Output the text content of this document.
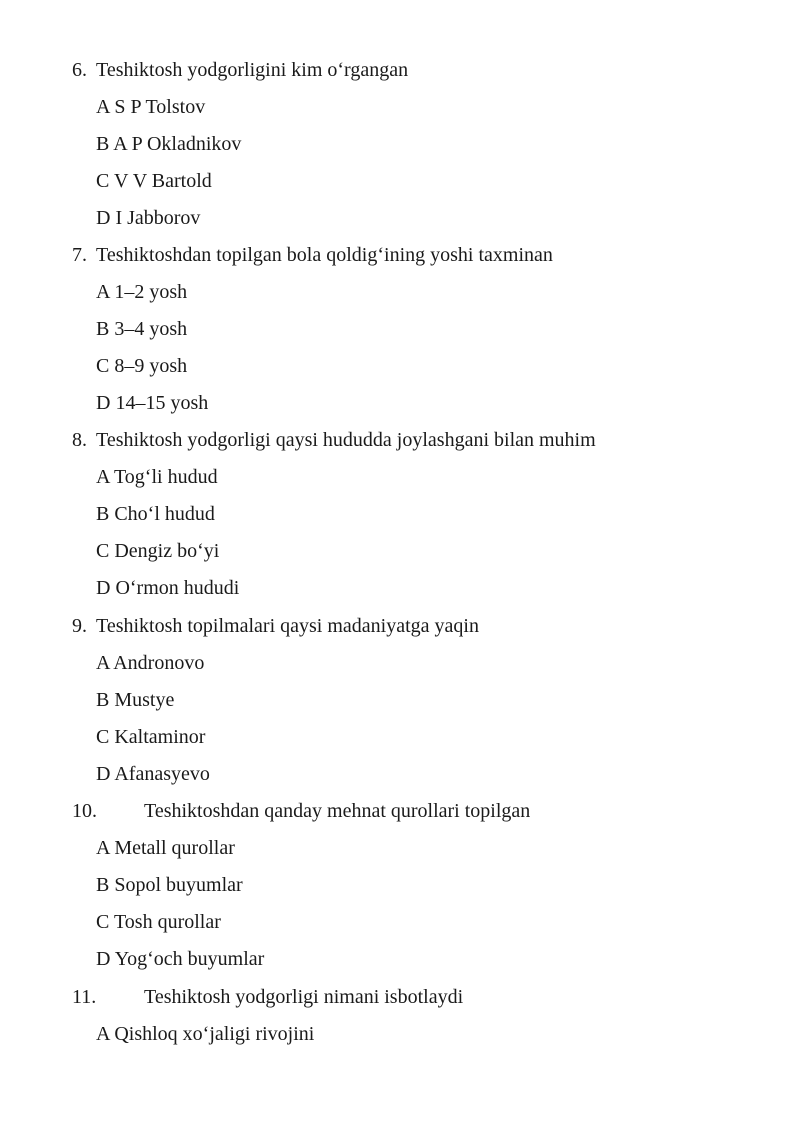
6. Teshiktosh yodgorligini kim o‘rgangan
A S P Tolstov
B A P Okladnikov
C V V Bartold
D I Jabborov
7. Teshiktoshdan topilgan bola qoldig‘ining yoshi taxminan
A 1–2 yosh
B 3–4 yosh
C 8–9 yosh
D 14–15 yosh
8. Teshiktosh yodgorligi qaysi hududda joylashgani bilan muhim
A Tog‘li hudud
B Cho‘l hudud
C Dengiz bo‘yi
D O‘rmon hududi
9. Teshiktosh topilmalari qaysi madaniyatga yaqin
A Andronovo
B Mustye
C Kaltaminor
D Afanasyevo
10. Teshiktoshdan qanday mehnat qurollari topilgan
A Metall qurollar
B Sopol buyumlar
C Tosh qurollar
D Yog‘och buyumlar
11. Teshiktosh yodgorligi nimani isbotlaydi
A Qishloq xo‘jaligi rivojini
